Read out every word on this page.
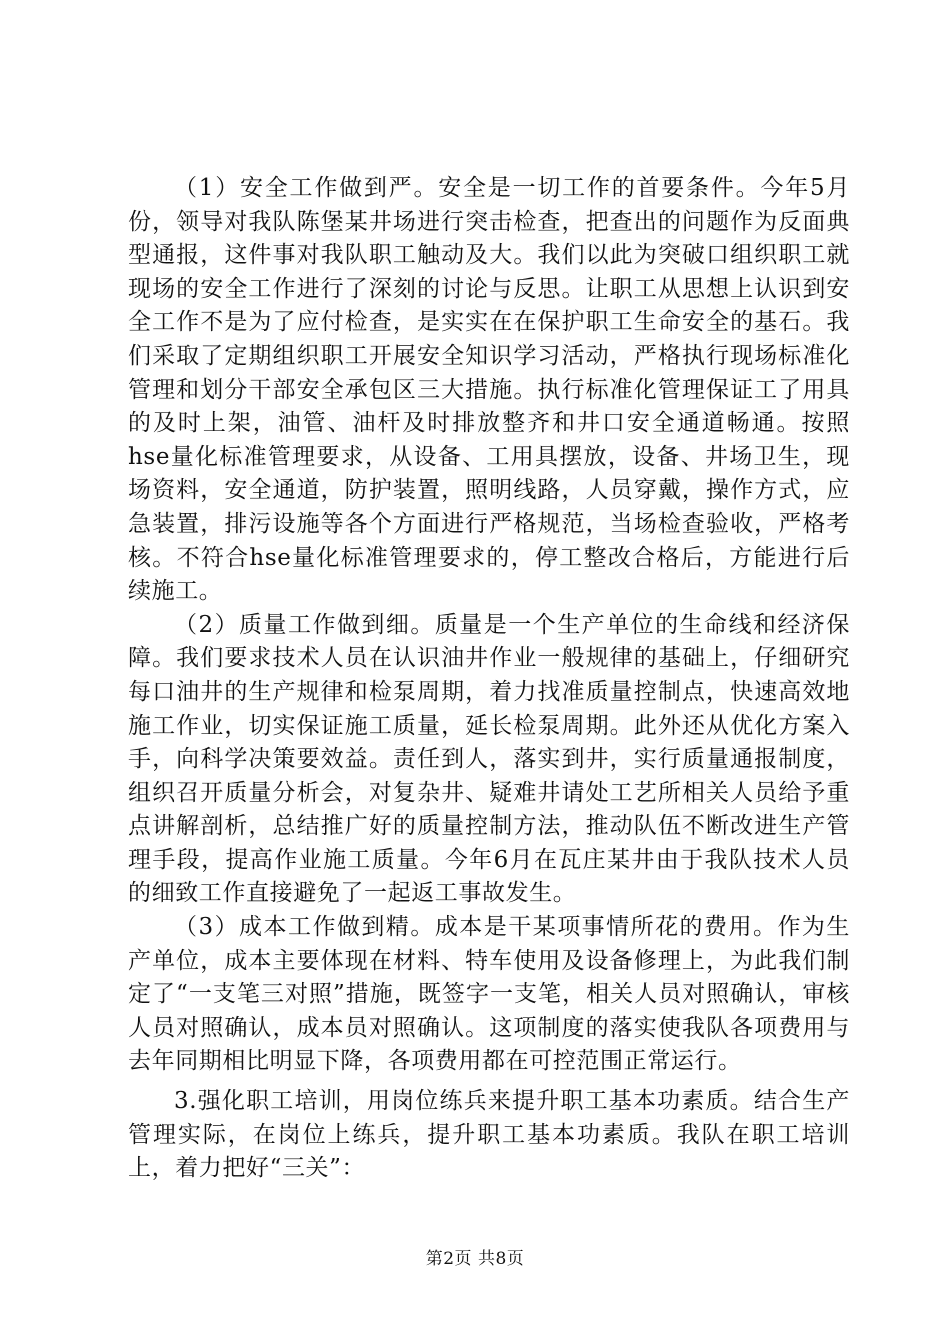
（1）安全工作做到严。安全是一切工作的首要条件。今年5月份，领导对我队陈堡某井场进行突击检查，把查出的问题作为反面典型通报，这件事对我队职工触动及大。我们以此为突破口组织职工就现场的安全工作进行了深刻的讨论与反思。让职工从思想上认识到安全工作不是为了应付检查，是实实在在保护职工生命安全的基石。我们采取了定期组织职工开展安全知识学习活动，严格执行现场标准化管理和划分干部安全承包区三大措施。执行标准化管理保证工了用具的及时上架，油管、油杆及时排放整齐和井口安全通道畅通。按照hse量化标准管理要求，从设备、工用具摆放，设备、井场卫生，现场资料，安全通道，防护装置，照明线路，人员穿戴，操作方式，应急装置，排污设施等各个方面进行严格规范，当场检查验收，严格考核。不符合hse量化标准管理要求的，停工整改合格后，方能进行后续施工。

（2）质量工作做到细。质量是一个生产单位的生命线和经济保障。我们要求技术人员在认识油井作业一般规律的基础上，仔细研究每口油井的生产规律和检泵周期，着力找准质量控制点，快速高效地施工作业，切实保证施工质量，延长检泵周期。此外还从优化方案入手，向科学决策要效益。责任到人，落实到井，实行质量通报制度，组织召开质量分析会，对复杂井、疑难井请处工艺所相关人员给予重点讲解剖析，总结推广好的质量控制方法，推动队伍不断改进生产管理手段，提高作业施工质量。今年6月在瓦庄某井由于我队技术人员的细致工作直接避免了一起返工事故发生。

（3）成本工作做到精。成本是干某项事情所花的费用。作为生产单位，成本主要体现在材料、特车使用及设备修理上，为此我们制定了“一支笔三对照”措施，既签字一支笔，相关人员对照确认，审核人员对照确认，成本员对照确认。这项制度的落实使我队各项费用与去年同期相比明显下降，各项费用都在可控范围正常运行。

3.强化职工培训，用岗位练兵来提升职工基本功素质。结合生产管理实际，在岗位上练兵，提升职工基本功素质。我队在职工培训上，着力把好“三关”：

第2页 共8页
